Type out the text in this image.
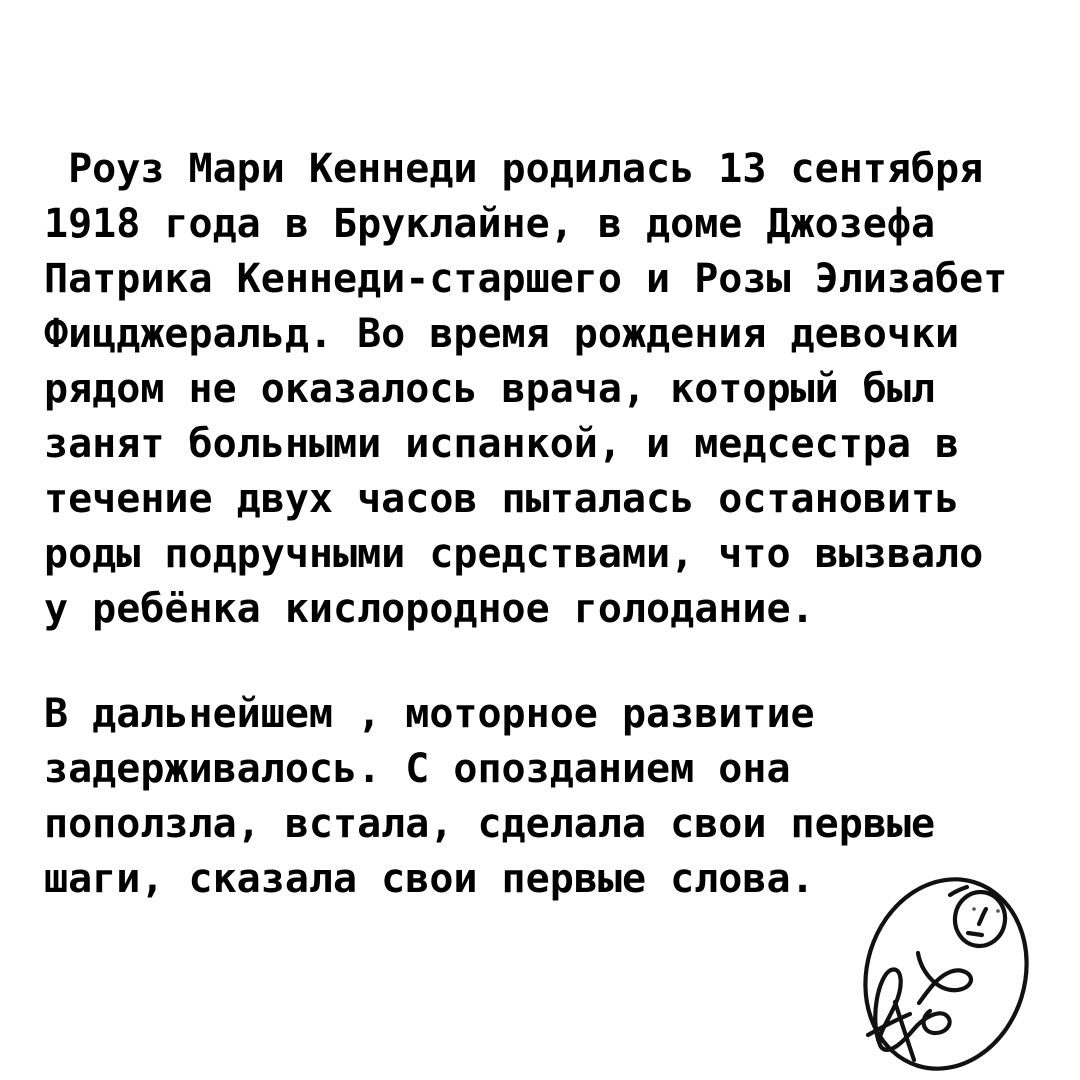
Роуз Мари Кеннеди родилась 13 сентября
1918 года в Бруклайне, в доме Джозефа
Патрика Кеннеди-старшего и Розы Элизабет
Фицджеральд. Во время рождения девочки
рядом не оказалось врача, который был
занят больными испанкой, и медсестра в
течение двух часов пыталась остановить
роды подручными средствами, что вызвало
у ребёнка кислородное голодание.
В дальнейшем , моторное развитие
задерживалось. С опозданием она
поползла, встала, сделала свои первые
шаги, сказала свои первые слова.
